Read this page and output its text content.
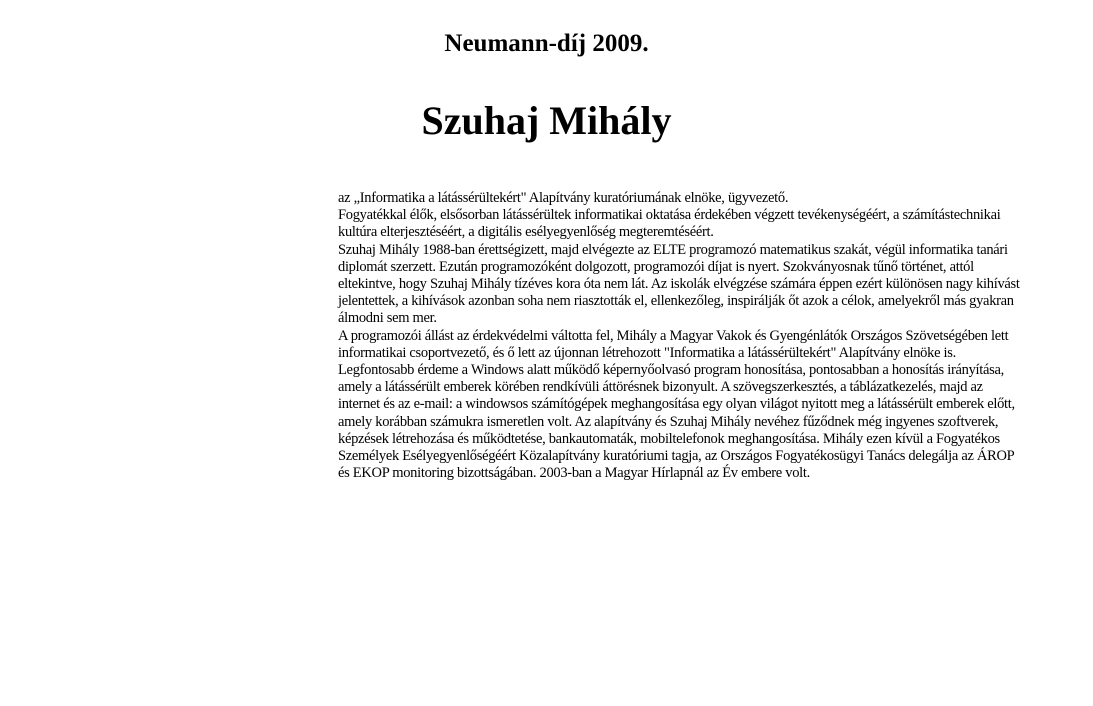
Neumann-díj 2009.
Szuhaj Mihály

az „Informatika a látássérültekért" Alapítvány kuratóriumának elnöke, ügyvezető.

Fogyatékkal élők, elsősorban látássérültek informatikai oktatása érdekében végzett tevékenységéért, a számítástechnikai kultúra elterjesztéséért, a digitális esélyegyenlőség megteremtéséért.

Szuhaj Mihály 1988-ban érettségizett, majd elvégezte az ELTE programozó matematikus szakát, végül informatika tanári diplomát szerzett. Ezután programozóként dolgozott, programozói díjat is nyert. Szokványosnak tűnő történet, attól eltekintve, hogy Szuhaj Mihály tízéves kora óta nem lát. Az iskolák elvégzése számára éppen ezért különösen nagy kihívást jelentettek, a kihívások azonban soha nem riasztották el, ellenkezőleg, inspirálják őt azok a célok, amelyekről más gyakran álmodni sem mer.

A programozói állást az érdekvédelmi váltotta fel, Mihály a Magyar Vakok és Gyengénlátók Országos Szövetségében lett informatikai csoportvezető, és ő lett az újonnan létrehozott "Informatika a látássérültekért" Alapítvány elnöke is. Legfontosabb érdeme a Windows alatt működő képernyőolvasó program honosítása, pontosabban a honosítás irányítása, amely a látássérült emberek körében rendkívüli áttörésnek bizonyult. A szövegszerkesztés, a táblázatkezelés, majd az internet és az e-mail: a windowsos számítógépek meghangosítása egy olyan világot nyitott meg a látássérült emberek előtt, amely korábban számukra ismeretlen volt. Az alapítvány és Szuhaj Mihály nevéhez fűződnek még ingyenes szoftverek, képzések létrehozása és működtetése, bankautomaták, mobiltelefonok meghangosítása. Mihály ezen kívül a Fogyatékos Személyek Esélyegyenlőségéért Közalapítvány kuratóriumi tagja, az Országos Fogyatékosügyi Tanács delegálja az ÁROP és EKOP monitoring bizottságában. 2003-ban a Magyar Hírlapnál az Év embere volt.
